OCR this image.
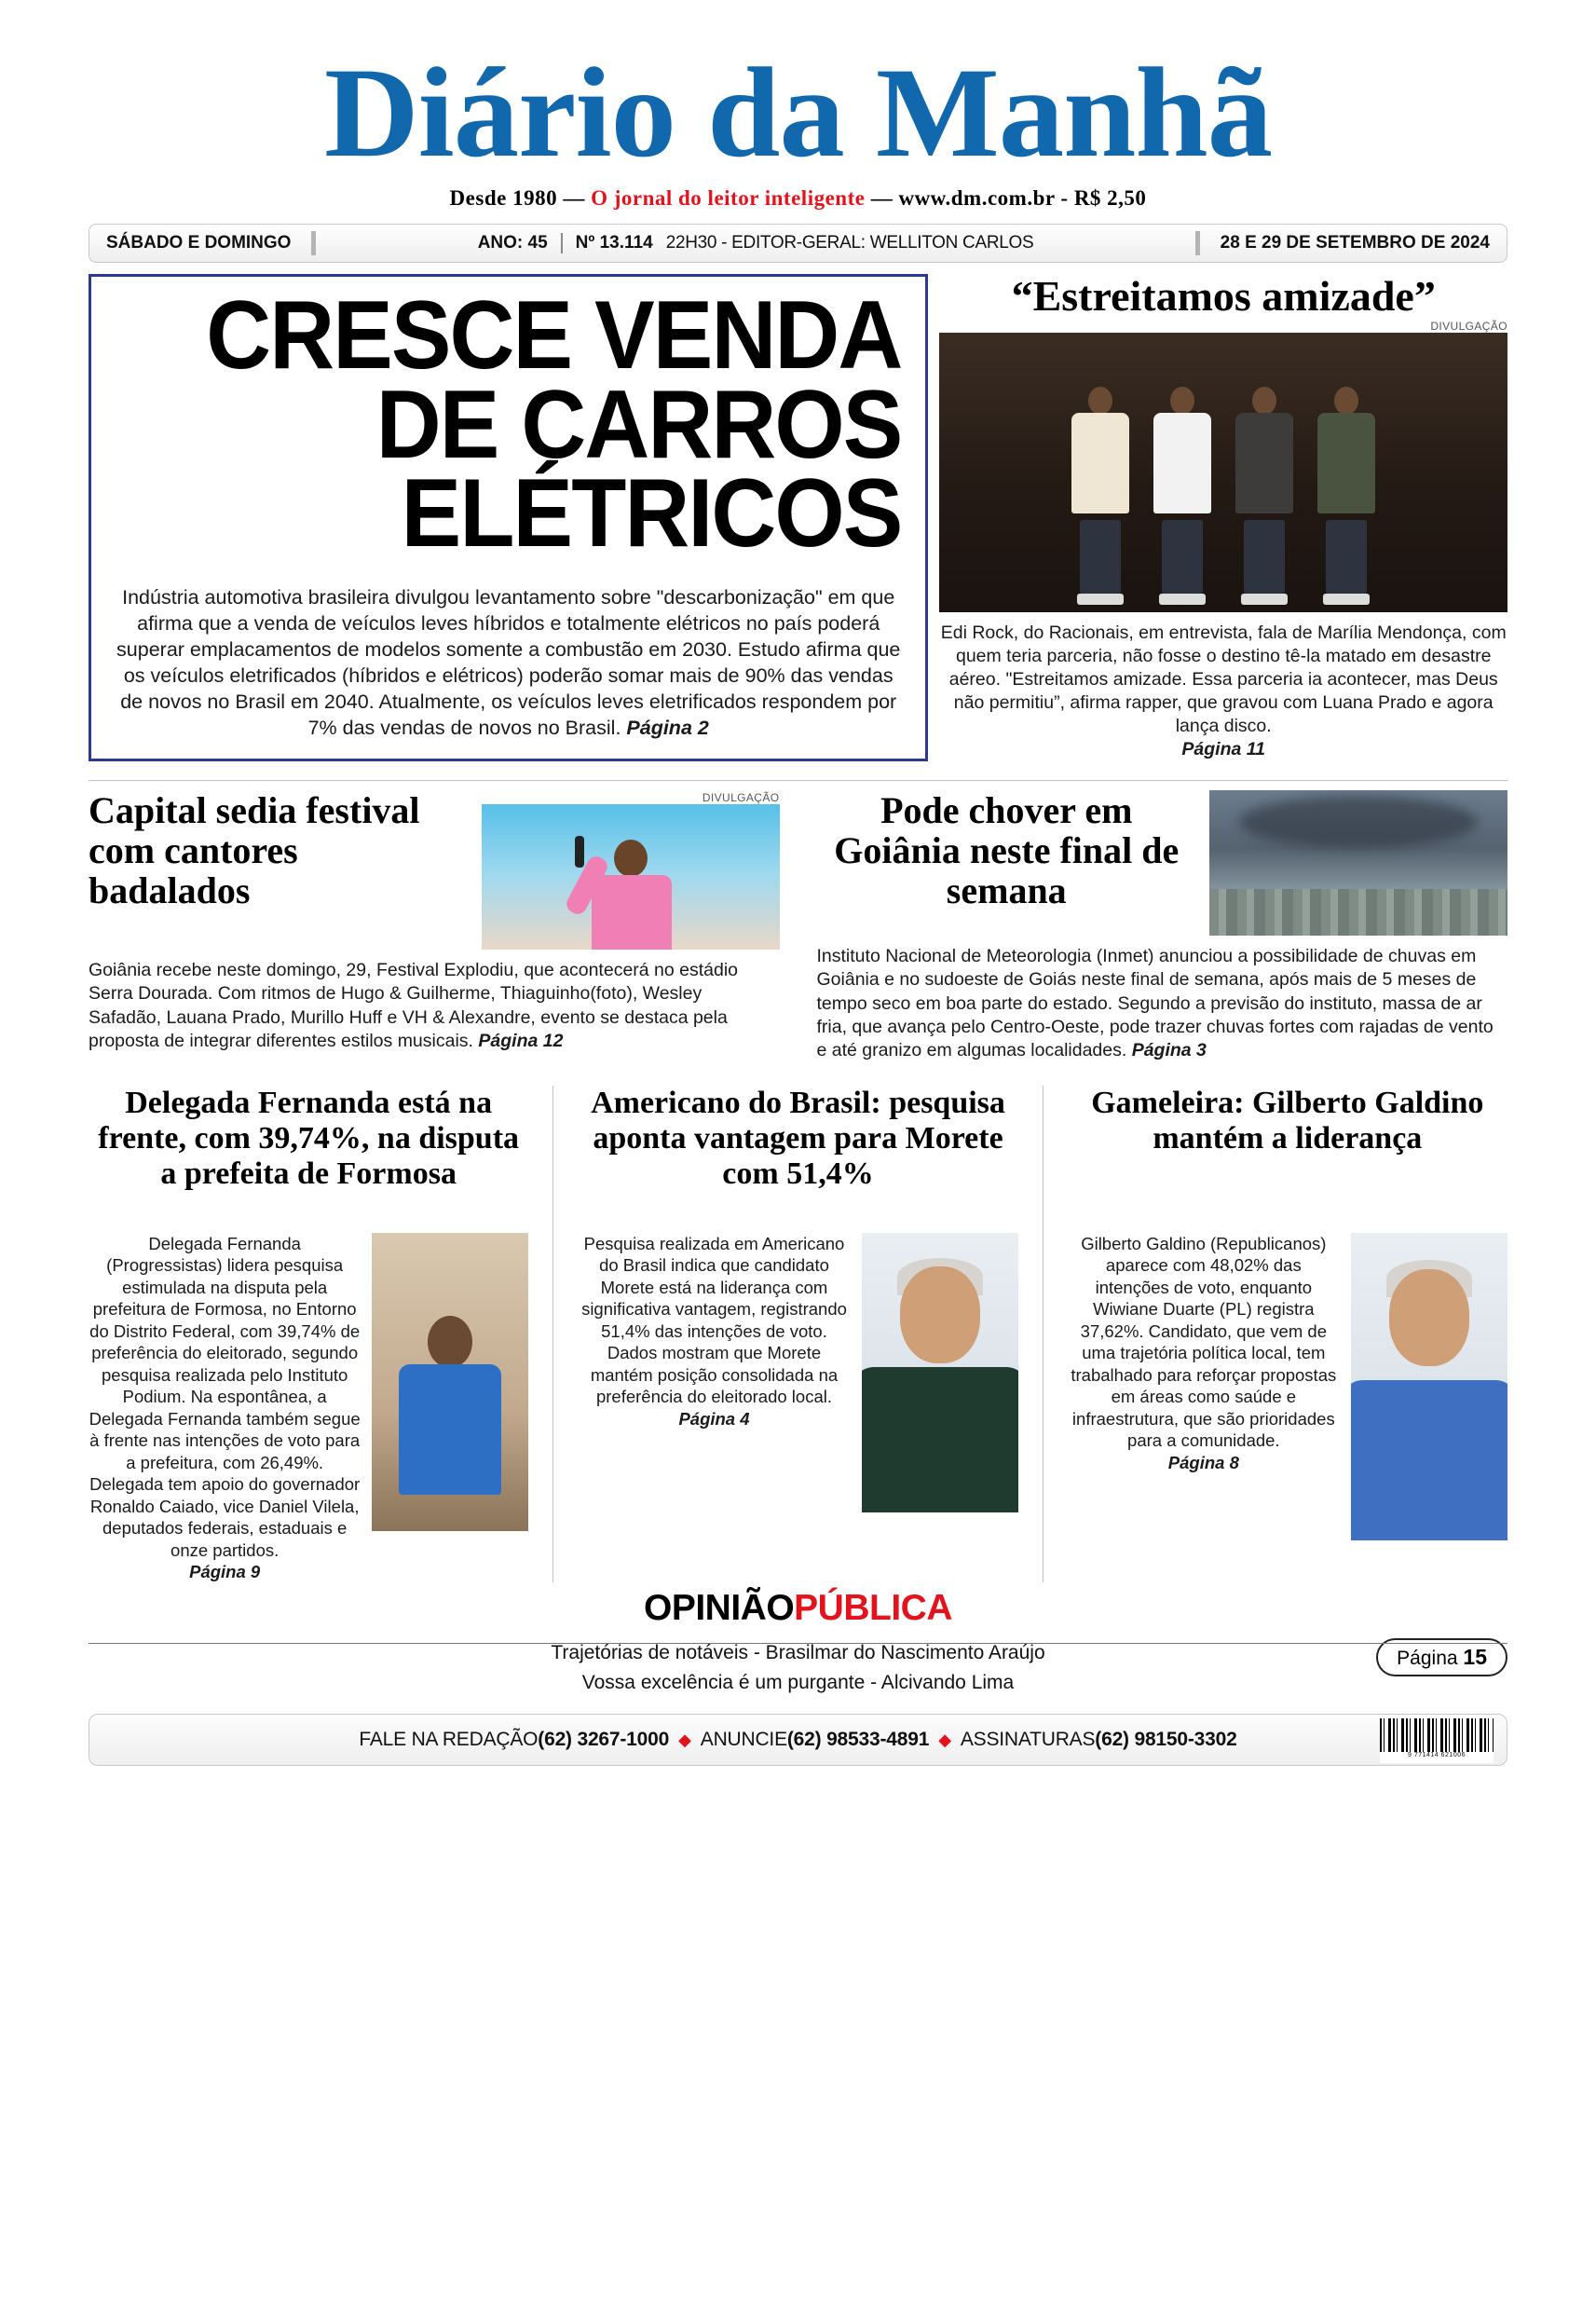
Diário da Manhã
Desde 1980 — O jornal do leitor inteligente — www.dm.com.br - R$ 2,50
SÁBADO E DOMINGO	ANO: 45 Nº 13.114 22H30 - EDITOR-GERAL: WELLITON CARLOS	28 E 29 DE SETEMBRO DE 2024
CRESCE VENDA
DE CARROS
ELÉTRICOS
Indústria automotiva brasileira divulgou levantamento sobre "descarbonização" em que afirma que a venda de veículos leves híbridos e totalmente elétricos no país poderá superar emplacamentos de modelos somente a combustão em 2030. Estudo afirma que os veículos eletrificados (híbridos e elétricos) poderão somar mais de 90% das vendas de novos no Brasil em 2040. Atualmente, os veículos leves eletrificados respondem por 7% das vendas de novos no Brasil. Página 2
“Estreitamos amizade”
DIVULGAÇÃO
Edi Rock, do Racionais, em entrevista, fala de Marília Mendonça, com quem teria parceria, não fosse o destino tê-la matado em desastre aéreo. "Estreitamos amizade. Essa parceria ia acontecer, mas Deus não permitiu”, afirma rapper, que gravou com Luana Prado e agora lança disco.
Página 11
Capital sedia festival com cantores badalados
DIVULGAÇÃO
Goiânia recebe neste domingo, 29, Festival Explodiu, que acontecerá no estádio Serra Dourada. Com ritmos de Hugo & Guilherme, Thiaguinho(foto), Wesley Safadão, Lauana Prado, Murillo Huff e VH & Alexandre, evento se destaca pela proposta de integrar diferentes estilos musicais. Página 12
Pode chover em Goiânia neste final de semana
Instituto Nacional de Meteorologia (Inmet) anunciou a possibilidade de chuvas em Goiânia e no sudoeste de Goiás neste final de semana, após mais de 5 meses de tempo seco em boa parte do estado. Segundo a previsão do instituto, massa de ar fria, que avança pelo Centro-Oeste, pode trazer chuvas fortes com rajadas de vento e até granizo em algumas localidades. Página 3
Delegada Fernanda está na frente, com 39,74%, na disputa a prefeita de Formosa
Delegada Fernanda (Progressistas) lidera pesquisa estimulada na disputa pela prefeitura de Formosa, no Entorno do Distrito Federal, com 39,74% de preferência do eleitorado, segundo pesquisa realizada pelo Instituto Podium. Na espontânea, a Delegada Fernanda também segue à frente nas intenções de voto para a prefeitura, com 26,49%. Delegada tem apoio do governador Ronaldo Caiado, vice Daniel Vilela, deputados federais, estaduais e onze partidos.
Página 9
Americano do Brasil: pesquisa aponta vantagem para Morete com 51,4%
Pesquisa realizada em Americano do Brasil indica que candidato Morete está na liderança com significativa vantagem, registrando 51,4% das intenções de voto. Dados mostram que Morete mantém posição consolidada na preferência do eleitorado local.
Página 4
Gameleira: Gilberto Galdino mantém a liderança
Gilberto Galdino (Republicanos) aparece com 48,02% das intenções de voto, enquanto Wiwiane Duarte (PL) registra 37,62%. Candidato, que vem de uma trajetória política local, tem trabalhado para reforçar propostas em áreas como saúde e infraestrutura, que são prioridades para a comunidade.
Página 8
OPINIÃOPÚBLICA
Trajetórias de notáveis - Brasilmar do Nascimento Araújo
Vossa excelência é um purgante - Alcivando Lima
Página 15
FALE NA REDAÇÃO (62) 3267-1000 ◆ ANUNCIE (62) 98533-4891 ◆ ASSINATURAS (62) 98150-3302
9 771414 621006
